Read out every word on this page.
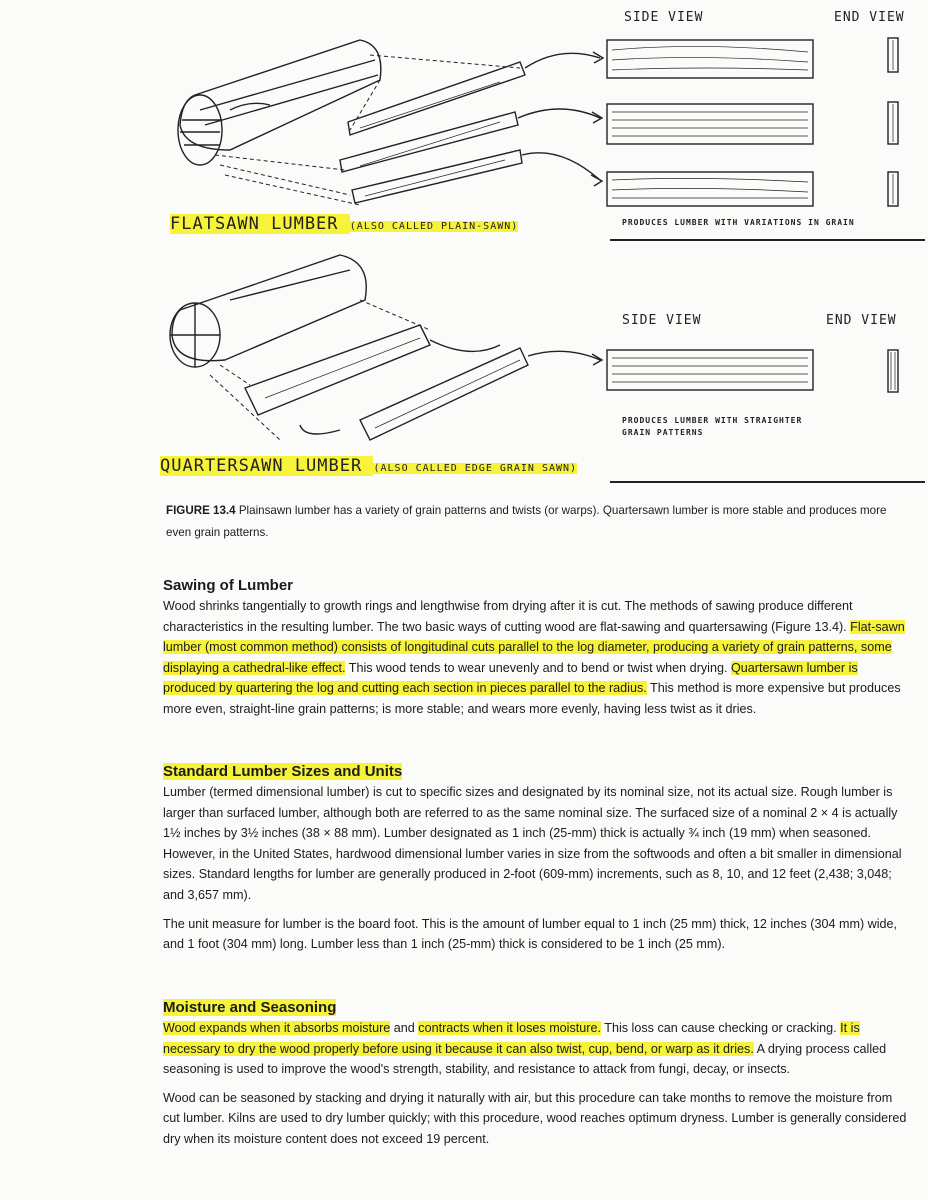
SIDE VIEW	END VIEW
FLATSAWN LUMBER (ALSO CALLED PLAIN-SAWN)	PRODUCES LUMBER WITH VARIATIONS IN GRAIN
SIDE VIEW	END VIEW
PRODUCES LUMBER WITH STRAIGHTER
GRAIN PATTERNS
QUARTERSAWN LUMBER (ALSO CALLED EDGE GRAIN SAWN)
FIGURE 13.4 Plainsawn lumber has a variety of grain patterns and twists (or warps). Quartersawn lumber is more stable and produces more even grain patterns.
Sawing of Lumber

Wood shrinks tangentially to growth rings and lengthwise from drying after it is cut. The methods of sawing produce different characteristics in the resulting lumber. The two basic ways of cutting wood are flat-sawing and quartersawing (Figure 13.4). Flat-sawn lumber (most common method) consists of longitudinal cuts parallel to the log diameter, producing a variety of grain patterns, some displaying a cathedral-like effect. This wood tends to wear unevenly and to bend or twist when drying. Quartersawn lumber is produced by quartering the log and cutting each section in pieces parallel to the radius. This method is more expensive but produces more even, straight-line grain patterns; is more stable; and wears more evenly, having less twist as it dries.

Standard Lumber Sizes and Units

Lumber (termed dimensional lumber) is cut to specific sizes and designated by its nominal size, not its actual size. Rough lumber is larger than surfaced lumber, although both are referred to as the same nominal size. The surfaced size of a nominal 2 × 4 is actually 1½ inches by 3½ inches (38 × 88 mm). Lumber designated as 1 inch (25-mm) thick is actually ¾ inch (19 mm) when seasoned. However, in the United States, hardwood dimensional lumber varies in size from the softwoods and often a bit smaller in dimensional sizes. Standard lengths for lumber are generally produced in 2-foot (609-mm) increments, such as 8, 10, and 12 feet (2,438; 3,048; and 3,657 mm).

The unit measure for lumber is the board foot. This is the amount of lumber equal to 1 inch (25 mm) thick, 12 inches (304 mm) wide, and 1 foot (304 mm) long. Lumber less than 1 inch (25-mm) thick is considered to be 1 inch (25 mm).

Moisture and Seasoning

Wood expands when it absorbs moisture and contracts when it loses moisture. This loss can cause checking or cracking. It is necessary to dry the wood properly before using it because it can also twist, cup, bend, or warp as it dries. A drying process called seasoning is used to improve the wood's strength, stability, and resistance to attack from fungi, decay, or insects.

Wood can be seasoned by stacking and drying it naturally with air, but this procedure can take months to remove the moisture from cut lumber. Kilns are used to dry lumber quickly; with this procedure, wood reaches optimum dryness. Lumber is generally considered dry when its moisture content does not exceed 19 percent.
